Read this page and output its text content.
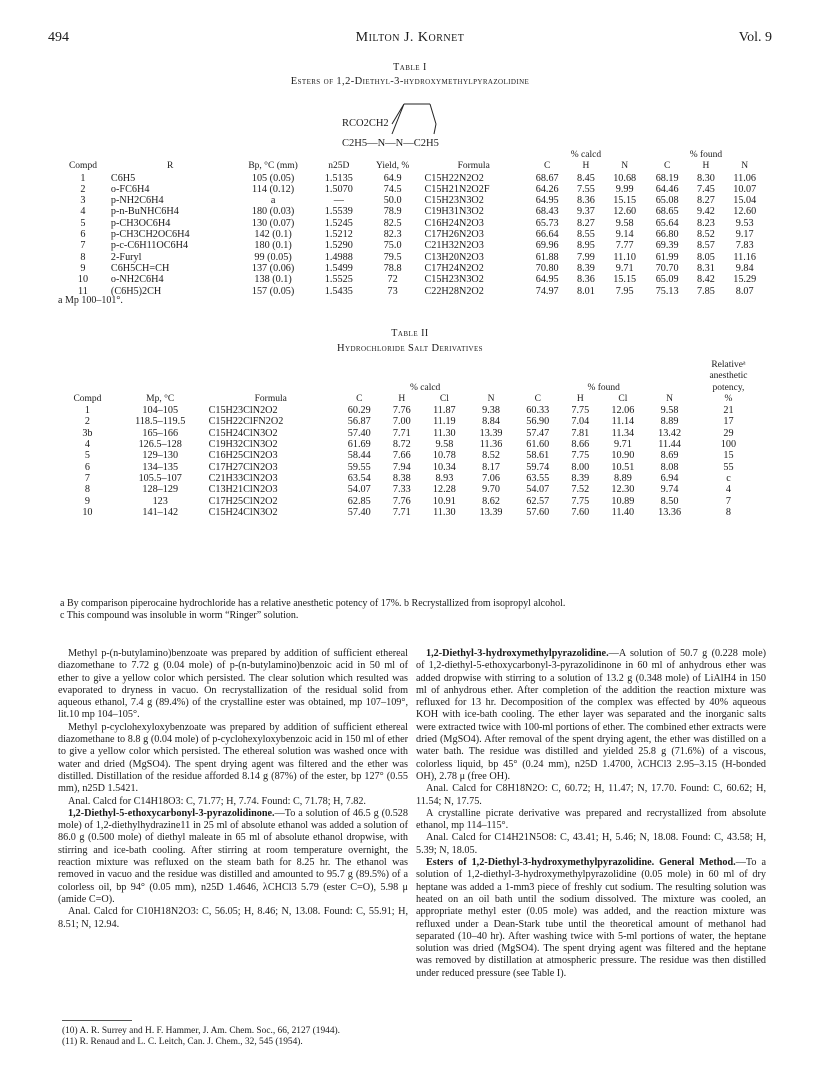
494	Milton J. Kornet	Vol. 9
Table I
Esters of 1,2-Diethyl-3-hydroxymethylpyrazolidine
RCO2CH2
C2H5—N—N—C2H5
						% calcd			% found		
Compd	R	Bp, °C (mm)	n25D	Yield, %	Formula	C	H	N	C	H	N
1	C6H5	105 (0.05)	1.5135	64.9	C15H22N2O2	68.67	8.45	10.68	68.19	8.30	11.06
2	o-FC6H4	114 (0.12)	1.5070	74.5	C15H21N2O2F	64.26	7.55	9.99	64.46	7.45	10.07
3	p-NH2C6H4	a	—	50.0	C15H23N3O2	64.95	8.36	15.15	65.08	8.27	15.04
4	p-n-BuNHC6H4	180 (0.03)	1.5539	78.9	C19H31N3O2	68.43	9.37	12.60	68.65	9.42	12.60
5	p-CH3OC6H4	130 (0.07)	1.5245	82.5	C16H24N2O3	65.73	8.27	9.58	65.64	8.23	9.53
6	p-CH3CH2OC6H4	142 (0.1)	1.5212	82.3	C17H26N2O3	66.64	8.55	9.14	66.80	8.52	9.17
7	p-c-C6H11OC6H4	180 (0.1)	1.5290	75.0	C21H32N2O3	69.96	8.95	7.77	69.39	8.57	7.83
8	2-Furyl	99 (0.05)	1.4988	79.5	C13H20N2O3	61.88	7.99	11.10	61.99	8.05	11.16
9	C6H5CH=CH	137 (0.06)	1.5499	78.8	C17H24N2O2	70.80	8.39	9.71	70.70	8.31	9.84
10	o-NH2C6H4	138 (0.1)	1.5525	72	C15H23N3O2	64.95	8.36	15.15	65.09	8.42	15.29
11	(C6H5)2CH	157 (0.05)	1.5435	73	C22H28N2O2	74.97	8.01	7.95	75.13	7.85	8.07
a Mp 100–101°.
Table II
Hydrochloride Salt Derivatives
											Relativeᵃ
											anesthetic
			% calcd				% found				potency,
Compd	Mp, °C	Formula	C	H	Cl	N	C	H	Cl	N	%
1	104–105	C15H23ClN2O2	60.29	7.76	11.87	9.38	60.33	7.75	12.06	9.58	21
2	118.5–119.5	C15H22ClFN2O2	56.87	7.00	11.19	8.84	56.90	7.04	11.14	8.89	17
3b	165–166	C15H24ClN3O2	57.40	7.71	11.30	13.39	57.47	7.81	11.34	13.42	29
4	126.5–128	C19H32ClN3O2	61.69	8.72	9.58	11.36	61.60	8.66	9.71	11.44	100
5	129–130	C16H25ClN2O3	58.44	7.66	10.78	8.52	58.61	7.75	10.90	8.69	15
6	134–135	C17H27ClN2O3	59.55	7.94	10.34	8.17	59.74	8.00	10.51	8.08	55
7	105.5–107	C21H33ClN2O3	63.54	8.38	8.93	7.06	63.55	8.39	8.89	6.94	c
8	128–129	C13H21ClN2O3	54.07	7.33	12.28	9.70	54.07	7.52	12.30	9.74	4
9	123	C17H25ClN2O2	62.85	7.76	10.91	8.62	62.57	7.75	10.89	8.50	7
10	141–142	C15H24ClN3O2	57.40	7.71	11.30	13.39	57.60	7.60	11.40	13.36	8
a By comparison piperocaine hydrochloride has a relative anesthetic potency of 17%. b Recrystallized from isopropyl alcohol.
c This compound was insoluble in worm “Ringer” solution.

Methyl p-(n-butylamino)benzoate was prepared by addition of sufficient ethereal diazomethane to 7.72 g (0.04 mole) of p-(n-butylamino)benzoic acid in 50 ml of ether to give a yellow color which persisted. The clear solution which resulted was evaporated to dryness in vacuo. On recrystallization of the residual solid from aqueous ethanol, 7.4 g (89.4%) of the crystalline ester was obtained, mp 107–109°, lit.10 mp 104–105°.

Methyl p-cyclohexyloxybenzoate was prepared by addition of sufficient ethereal diazomethane to 8.8 g (0.04 mole) of p-cyclohexyloxybenzoic acid in 150 ml of ether to give a yellow color which persisted. The ethereal solution was washed once with water and dried (MgSO4). The spent drying agent was filtered and the ether was distilled. Distillation of the residue afforded 8.14 g (87%) of the ester, bp 127° (0.55 mm), n25D 1.5421.

Anal. Calcd for C14H18O3: C, 71.77; H, 7.74. Found: C, 71.78; H, 7.82.

1,2-Diethyl-5-ethoxycarbonyl-3-pyrazolidinone.—To a solution of 46.5 g (0.528 mole) of 1,2-diethylhydrazine11 in 25 ml of absolute ethanol was added a solution of 86.0 g (0.500 mole) of diethyl maleate in 65 ml of absolute ethanol dropwise, with stirring and ice-bath cooling. After stirring at room temperature overnight, the reaction mixture was refluxed on the steam bath for 8.25 hr. The ethanol was removed in vacuo and the residue was distilled and amounted to 95.7 g (89.5%) of a colorless oil, bp 94° (0.05 mm), n25D 1.4646, λCHCl3 5.79 (ester C=O), 5.98 μ (amide C=O).

Anal. Calcd for C10H18N2O3: C, 56.05; H, 8.46; N, 13.08. Found: C, 55.91; H, 8.51; N, 12.94.

1,2-Diethyl-3-hydroxymethylpyrazolidine.—A solution of 50.7 g (0.228 mole) of 1,2-diethyl-5-ethoxycarbonyl-3-pyrazolidinone in 60 ml of anhydrous ether was added dropwise with stirring to a solution of 13.2 g (0.348 mole) of LiAlH4 in 150 ml of anhydrous ether. After completion of the addition the reaction mixture was refluxed for 13 hr. Decomposition of the complex was effected by 40% aqueous KOH with ice-bath cooling. The ether layer was separated and the inorganic salts were extracted twice with 100-ml portions of ether. The combined ether extracts were dried (MgSO4). After removal of the spent drying agent, the ether was distilled on a water bath. The residue was distilled and yielded 25.8 g (71.6%) of a viscous, colorless liquid, bp 45° (0.24 mm), n25D 1.4700, λCHCl3 2.95–3.15 (H-bonded OH), 2.78 μ (free OH).

Anal. Calcd for C8H18N2O: C, 60.72; H, 11.47; N, 17.70. Found: C, 60.62; H, 11.54; N, 17.75.

A crystalline picrate derivative was prepared and recrystallized from absolute ethanol, mp 114–115°.

Anal. Calcd for C14H21N5O8: C, 43.41; H, 5.46; N, 18.08. Found: C, 43.58; H, 5.39; N, 18.05.

Esters of 1,2-Diethyl-3-hydroxymethylpyrazolidine. General Method.—To a solution of 1,2-diethyl-3-hydroxymethylpyrazolidine (0.05 mole) in 60 ml of dry heptane was added a 1-mm3 piece of freshly cut sodium. The resulting solution was heated on an oil bath until the sodium dissolved. The mixture was cooled, an appropriate methyl ester (0.05 mole) was added, and the reaction mixture was refluxed under a Dean-Stark tube until the theoretical amount of methanol had separated (10–40 hr). After washing twice with 5-ml portions of water, the heptane solution was dried (MgSO4). The spent drying agent was filtered and the heptane was removed by distillation at atmospheric pressure. The residue was then distilled under reduced pressure (see Table I).

(10) A. R. Surrey and H. F. Hammer, J. Am. Chem. Soc., 66, 2127 (1944).
(11) R. Renaud and L. C. Leitch, Can. J. Chem., 32, 545 (1954).
